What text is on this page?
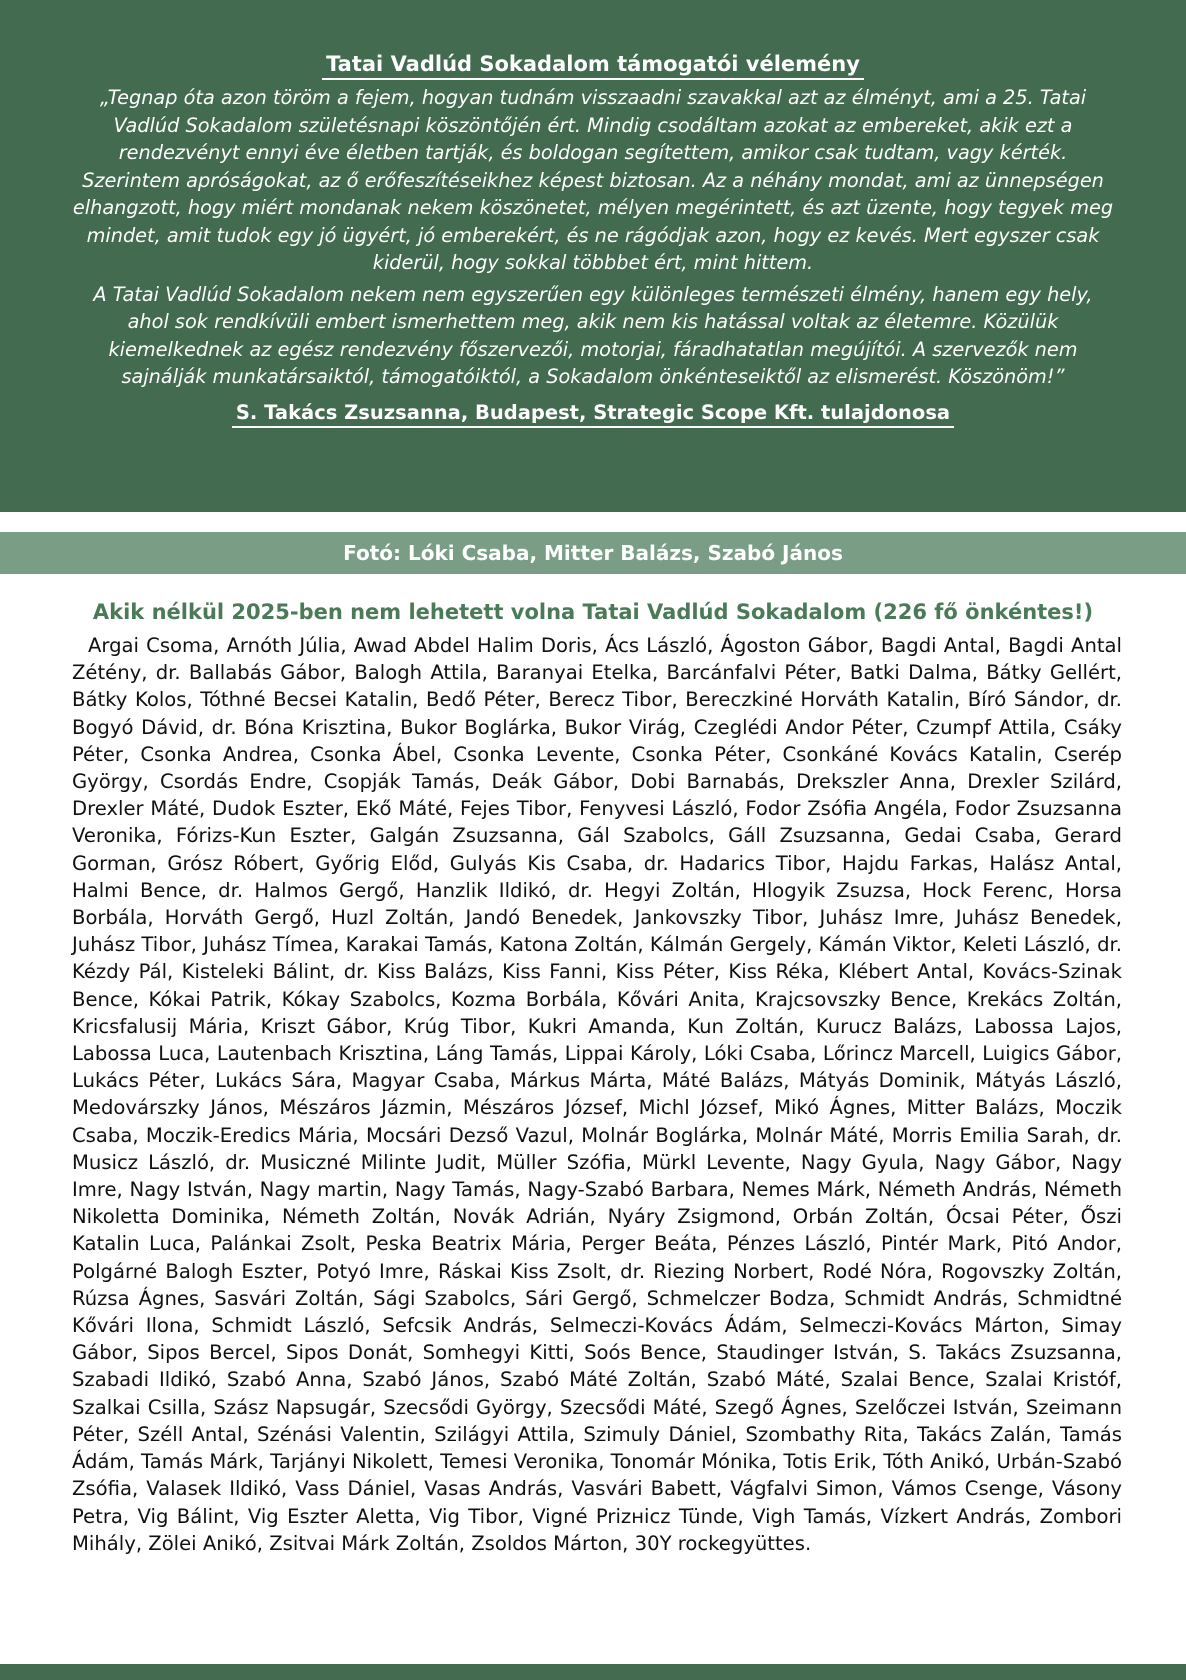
Tatai Vadlúd Sokadalom támogatói vélemény

„Tegnap óta azon töröm a fejem, hogyan tudnám visszaadni szavakkal azt az élményt, ami a 25. Tatai Vadlúd Sokadalom születésnapi köszöntőjén ért. Mindig csodáltam azokat az embereket, akik ezt a rendezvényt ennyi éve életben tartják, és boldogan segítettem, amikor csak tudtam, vagy kérték. Szerintem apróságokat, az ő erőfeszítéseikhez képest biztosan. Az a néhány mondat, ami az ünnepségen elhangzott, hogy miért mondanak nekem köszönetet, mélyen megérintett, és azt üzente, hogy tegyek meg mindet, amit tudok egy jó ügyért, jó emberekért, és ne rágódjak azon, hogy ez kevés. Mert egyszer csak kiderül, hogy sokkal többbet ért, mint hittem.

A Tatai Vadlúd Sokadalom nekem nem egyszerűen egy különleges természeti élmény, hanem egy hely, ahol sok rendkívüli embert ismerhettem meg, akik nem kis hatással voltak az életemre. Közülük kiemelkednek az egész rendezvény főszervezői, motorjai, fáradhatatlan megújítói. A szervezők nem sajnálják munkatársaiktól, támogatóiktól, a Sokadalom önkénteseiktől az elismerést. Köszönöm!”

S. Takács Zsuzsanna, Budapest, Strategic Scope Kft. tulajdonosa
Fotó: Lóki Csaba, Mitter Balázs, Szabó János
Akik nélkül 2025-ben nem lehetett volna Tatai Vadlúd Sokadalom (226 fő önkéntes!)

Argai Csoma, Arnóth Júlia, Awad Abdel Halim Doris, Ács László, Ágoston Gábor, Bagdi Antal, Bagdi Antal Zétény, dr. Ballabás Gábor, Balogh Attila, Baranyai Etelka, Barcánfalvi Péter, Batki Dalma, Bátky Gellért, Bátky Kolos, Tóthné Becsei Katalin, Bedő Péter, Berecz Tibor, Bereczkiné Horváth Katalin, Bíró Sándor, dr. Bogyó Dávid, dr. Bóna Krisztina, Bukor Boglárka, Bukor Virág, Czeglédi Andor Péter, Czumpf Attila, Csáky Péter, Csonka Andrea, Csonka Ábel, Csonka Levente, Csonka Péter, Csonkáné Kovács Katalin, Cserép György, Csordás Endre, Csopják Tamás, Deák Gábor, Dobi Barnabás, Drekszler Anna, Drexler Szilárd, Drexler Máté, Dudok Eszter, Ekő Máté, Fejes Tibor, Fenyvesi László, Fodor Zsófia Angéla, Fodor Zsuzsanna Veronika, Fórizs-Kun Eszter, Galgán Zsuzsanna, Gál Szabolcs, Gáll Zsuzsanna, Gedai Csaba, Gerard Gorman, Grósz Róbert, Győrig Előd, Gulyás Kis Csaba, dr. Hadarics Tibor, Hajdu Farkas, Halász Antal, Halmi Bence, dr. Halmos Gergő, Hanzlik Ildikó, dr. Hegyi Zoltán, Hlogyik Zsuzsa, Hock Ferenc, Horsa Borbála, Horváth Gergő, Huzl Zoltán, Jandó Benedek, Jankovszky Tibor, Juhász Imre, Juhász Benedek, Juhász Tibor, Juhász Tímea, Karakai Tamás, Katona Zoltán, Kálmán Gergely, Kámán Viktor, Keleti László, dr. Kézdy Pál, Kisteleki Bálint, dr. Kiss Balázs, Kiss Fanni, Kiss Péter, Kiss Réka, Klébert Antal, Kovács-Szinak Bence, Kókai Patrik, Kókay Szabolcs, Kozma Borbála, Kővári Anita, Krajcsovszky Bence, Krekács Zoltán, Kricsfalusij Mária, Kriszt Gábor, Krúg Tibor, Kukri Amanda, Kun Zoltán, Kurucz Balázs, Labossa Lajos, Labossa Luca, Lautenbach Krisztina, Láng Tamás, Lippai Károly, Lóki Csaba, Lőrincz Marcell, Luigics Gábor, Lukács Péter, Lukács Sára, Magyar Csaba, Márkus Márta, Máté Balázs, Mátyás Dominik, Mátyás László, Medovárszky János, Mészáros Jázmin, Mészáros József, Michl József, Mikó Ágnes, Mitter Balázs, Moczik Csaba, Moczik-Eredics Mária, Mocsári Dezső Vazul, Molnár Boglárka, Molnár Máté, Morris Emilia Sarah, dr. Musicz László, dr. Musiczné Milinte Judit, Müller Szófia, Mürkl Levente, Nagy Gyula, Nagy Gábor, Nagy Imre, Nagy István, Nagy martin, Nagy Tamás, Nagy-Szabó Barbara, Nemes Márk, Németh András, Németh Nikoletta Dominika, Németh Zoltán, Novák Adrián, Nyáry Zsigmond, Orbán Zoltán, Ócsai Péter, Őszi Katalin Luca, Palánkai Zsolt, Peska Beatrix Mária, Perger Beáta, Pénzes László, Pintér Mark, Pitó Andor, Polgárné Balogh Eszter, Potyó Imre, Ráskai Kiss Zsolt, dr. Riezing Norbert, Rodé Nóra, Rogovszky Zoltán, Rúzsa Ágnes, Sasvári Zoltán, Sági Szabolcs, Sári Gergő, Schmelczer Bodza, Schmidt András, Schmidtné Kővári Ilona, Schmidt László, Sefcsik András, Selmeczi-Kovács Ádám, Selmeczi-Kovács Márton, Simay Gábor, Sipos Bercel, Sipos Donát, Somhegyi Kitti, Soós Bence, Staudinger István, S. Takács Zsuzsanna, Szabadi Ildikó, Szabó Anna, Szabó János, Szabó Máté Zoltán, Szabó Máté, Szalai Bence, Szalai Kristóf, Szalkai Csilla, Szász Napsugár, Szecsődi György, Szecsődi Máté, Szegő Ágnes, Szelőczei István, Szeimann Péter, Széll Antal, Szénási Valentin, Szilágyi Attila, Szimuly Dániel, Szombathy Rita, Takács Zalán, Tamás Ádám, Tamás Márk, Tarjányi Nikolett, Temesi Veronika, Tonomár Mónika, Totis Erik, Tóth Anikó, Urbán-Szabó Zsófia, Valasek Ildikó, Vass Dániel, Vasas András, Vasvári Babett, Vágfalvi Simon, Vámos Csenge, Vásony Petra, Vig Bálint, Vig Eszter Aletta, Vig Tibor, Vigné Prizнicz Tünde, Vigh Tamás, Vízkert András, Zombori Mihály, Zölei Anikó, Zsitvai Márk Zoltán, Zsoldos Márton, 30Y rockegyüttes.
